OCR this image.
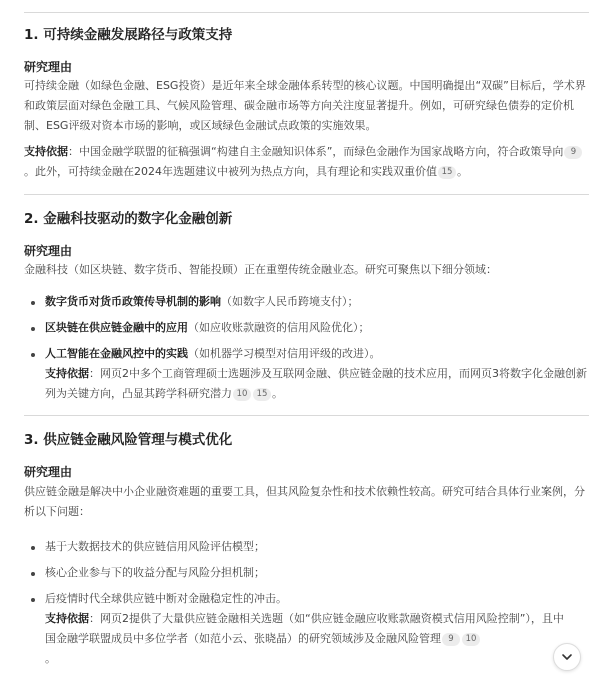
1. 可持续金融发展路径与政策支持
研究理由
可持续金融（如绿色金融、ESG投资）是近年来全球金融体系转型的核心议题。中国明确提出“双碳”目标后，学术界和政策层面对绿色金融工具、气候风险管理、碳金融市场等方向关注度显著提升。例如，可研究绿色债券的定价机制、ESG评级对资本市场的影响，或区域绿色金融试点政策的实施效果。
支持依据：中国金融学联盟的征稿强调“构建自主金融知识体系”，而绿色金融作为国家战略方向，符合政策导向 9。此外，可持续金融在2024年选题建议中被列为热点方向，具有理论和实践双重价值 15 。
2. 金融科技驱动的数字化金融创新
研究理由
金融科技（如区块链、数字货币、智能投顾）正在重塑传统金融业态。研究可聚焦以下细分领域：
数字货币对货币政策传导机制的影响（如数字人民币跨境支付）；
区块链在供应链金融中的应用（如应收账款融资的信用风险优化）；
人工智能在金融风控中的实践（如机器学习模型对信用评级的改进）。
支持依据：网页2中多个工商管理硕士选题涉及互联网金融、供应链金融的技术应用，而网页3将数字化金融创新列为关键方向，凸显其跨学科研究潜力 10 15 。
3. 供应链金融风险管理与模式优化
研究理由
供应链金融是解决中小企业融资难题的重要工具，但其风险复杂性和技术依赖性较高。研究可结合具体行业案例，分析以下问题：
基于大数据技术的供应链信用风险评估模型；
核心企业参与下的收益分配与风险分担机制；
后疫情时代全球供应链中断对金融稳定性的冲击。
支持依据：网页2提供了大量供应链金融相关选题（如“供应链金融应收账款融资模式信用风险控制”），且中国金融学联盟成员中多位学者（如范小云、张晓晶）的研究领域涉及金融风险管理 9 10
。
